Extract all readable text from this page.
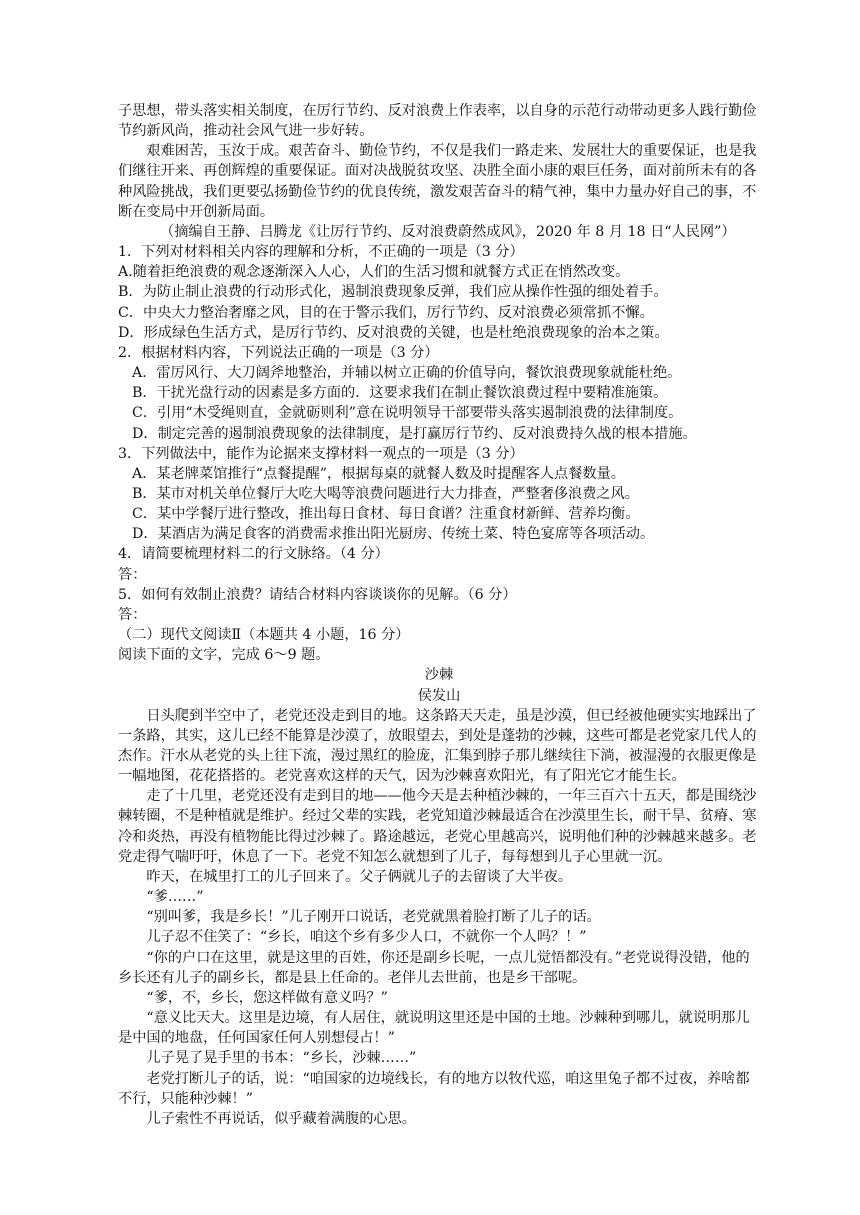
子思想，带头落实相关制度，在厉行节约、反对浪费上作表率，以自身的示范行动带动更多人践行勤俭节约新风尚，推动社会风气进一步好转。

艰难困苦，玉汝于成。艰苦奋斗、勤俭节约，不仅是我们一路走来、发展壮大的重要保证，也是我们继往开来、再创辉煌的重要保证。面对决战脱贫攻坚、决胜全面小康的艰巨任务，面对前所未有的各种风险挑战，我们更要弘扬勤俭节约的优良传统，激发艰苦奋斗的精气神，集中力量办好自己的事，不断在变局中开创新局面。

（摘编自王静、吕腾龙《让厉行节约、反对浪费蔚然成风》，2020 年 8 月 18 日“人民网”）

1．下列对材料相关内容的理解和分析，不正确的一项是（3 分）

A.随着拒绝浪费的观念逐渐深入人心，人们的生活习惯和就餐方式正在悄然改变。

B．为防止制止浪费的行动形式化，遏制浪费现象反弹，我们应从操作性强的细处着手。

C．中央大力整治奢靡之风，目的在于警示我们，厉行节约、反对浪费必须常抓不懈。

D．形成绿色生活方式，是厉行节约、反对浪费的关键，也是杜绝浪费现象的治本之策。

2．根据材料内容，下列说法正确的一项是（3 分）

A．雷厉风行、大刀阔斧地整治，并辅以树立正确的价值导向，餐饮浪费现象就能杜绝。

B．干扰光盘行动的因素是多方面的．这要求我们在制止餐饮浪费过程中要精准施策。

C．引用“木受绳则直，金就砺则利”意在说明领导干部要带头落实遏制浪费的法律制度。

D．制定完善的遏制浪费现象的法律制度，是打赢厉行节约、反对浪费持久战的根本措施。

3．下列做法中，能作为论据来支撑材料一观点的一项是（3 分）

A．某老牌菜馆推行“点餐提醒”，根据每桌的就餐人数及时提醒客人点餐数量。

B．某市对机关单位餐厅大吃大喝等浪费问题进行大力排查，严整奢侈浪费之风。

C．某中学餐厅进行整改，推出每日食材、每日食谱？注重食材新鲜、营养均衡。

D．某酒店为满足食客的消费需求推出阳光厨房、传统土菜、特色宴席等各项活动。

4．请简要梳理材料二的行文脉络。（4 分）

答：

5．如何有效制止浪费？请结合材料内容谈谈你的见解。（6 分）

答：

（二）现代文阅读Ⅱ（本题共 4 小题，16 分）

阅读下面的文字，完成 6～9 题。

沙棘

侯发山

日头爬到半空中了，老党还没走到目的地。这条路天天走，虽是沙漠，但已经被他硬实实地踩出了一条路，其实，这儿已经不能算是沙漠了，放眼望去，到处是蓬勃的沙棘，这些可都是老党家几代人的杰作。汗水从老党的头上往下流，漫过黑红的脸庞，汇集到脖子那儿继续往下淌，被湿漫的衣服更像是一幅地图，花花搭搭的。老党喜欢这样的天气，因为沙棘喜欢阳光，有了阳光它才能生长。

走了十几里，老党还没有走到目的地——他今天是去种植沙棘的，一年三百六十五天，都是围绕沙棘转圈，不是种植就是维护。经过父辈的实践，老党知道沙棘最适合在沙漠里生长，耐干旱、贫瘠、寒冷和炎热，再没有植物能比得过沙棘了。路途越远，老党心里越高兴，说明他们种的沙棘越来越多。老党走得气喘吁吁，休息了一下。老党不知怎么就想到了儿子，每每想到儿子心里就一沉。

昨天，在城里打工的儿子回来了。父子俩就儿子的去留谈了大半夜。

“爹……”

“别叫爹，我是乡长！”儿子刚开口说话，老党就黑着脸打断了儿子的话。

儿子忍不住笑了：“乡长，咱这个乡有多少人口，不就你一个人吗？！”

“你的户口在这里，就是这里的百姓，你还是副乡长呢，一点儿觉悟都没有。”老党说得没错，他的乡长还有儿子的副乡长，都是县上任命的。老伴儿去世前，也是乡干部呢。

“爹，不，乡长，您这样做有意义吗？”

“意义比天大。这里是边境，有人居住，就说明这里还是中国的土地。沙棘种到哪儿，就说明那儿是中国的地盘，任何国家任何人别想侵占！”

儿子晃了晃手里的书本：“乡长，沙棘……”

老党打断儿子的话，说：“咱国家的边境线长，有的地方以牧代巡，咱这里兔子都不过夜，养啥都不行，只能种沙棘！”

儿子索性不再说话，似乎藏着满腹的心思。
